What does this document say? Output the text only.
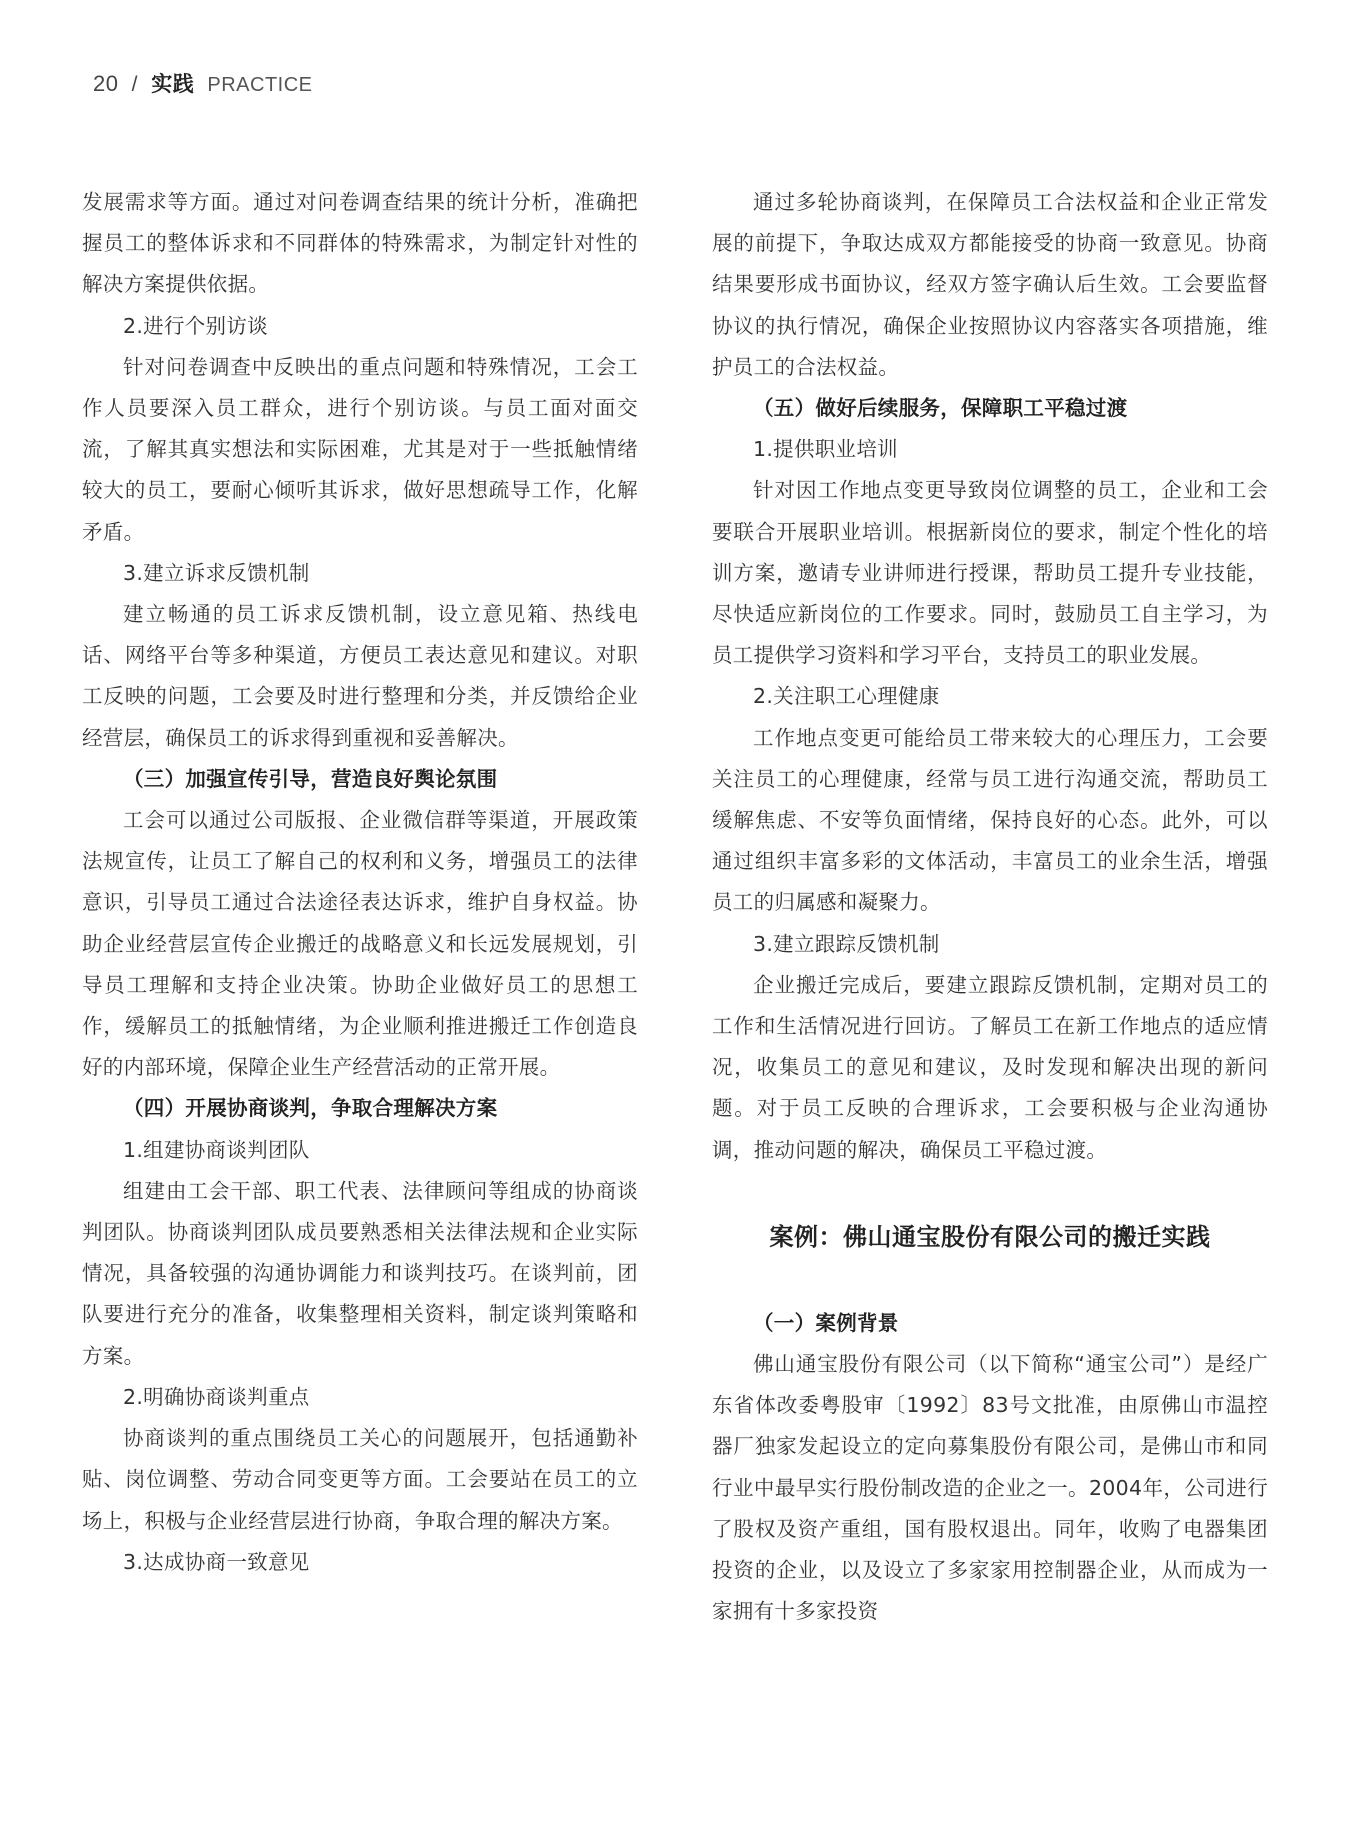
20 / 实践 PRACTICE

发展需求等方面。通过对问卷调查结果的统计分析，准确把握员工的整体诉求和不同群体的特殊需求，为制定针对性的解决方案提供依据。

2.进行个别访谈

针对问卷调查中反映出的重点问题和特殊情况，工会工作人员要深入员工群众，进行个别访谈。与员工面对面交流，了解其真实想法和实际困难，尤其是对于一些抵触情绪较大的员工，要耐心倾听其诉求，做好思想疏导工作，化解矛盾。

3.建立诉求反馈机制

建立畅通的员工诉求反馈机制，设立意见箱、热线电话、网络平台等多种渠道，方便员工表达意见和建议。对职工反映的问题，工会要及时进行整理和分类，并反馈给企业经营层，确保员工的诉求得到重视和妥善解决。

（三）加强宣传引导，营造良好舆论氛围

工会可以通过公司版报、企业微信群等渠道，开展政策法规宣传，让员工了解自己的权利和义务，增强员工的法律意识，引导员工通过合法途径表达诉求，维护自身权益。协助企业经营层宣传企业搬迁的战略意义和长远发展规划，引导员工理解和支持企业决策。协助企业做好员工的思想工作，缓解员工的抵触情绪，为企业顺利推进搬迁工作创造良好的内部环境，保障企业生产经营活动的正常开展。

（四）开展协商谈判，争取合理解决方案

1.组建协商谈判团队

组建由工会干部、职工代表、法律顾问等组成的协商谈判团队。协商谈判团队成员要熟悉相关法律法规和企业实际情况，具备较强的沟通协调能力和谈判技巧。在谈判前，团队要进行充分的准备，收集整理相关资料，制定谈判策略和方案。

2.明确协商谈判重点

协商谈判的重点围绕员工关心的问题展开，包括通勤补贴、岗位调整、劳动合同变更等方面。工会要站在员工的立场上，积极与企业经营层进行协商，争取合理的解决方案。

3.达成协商一致意见

通过多轮协商谈判，在保障员工合法权益和企业正常发展的前提下，争取达成双方都能接受的协商一致意见。协商结果要形成书面协议，经双方签字确认后生效。工会要监督协议的执行情况，确保企业按照协议内容落实各项措施，维护员工的合法权益。

（五）做好后续服务，保障职工平稳过渡

1.提供职业培训

针对因工作地点变更导致岗位调整的员工，企业和工会要联合开展职业培训。根据新岗位的要求，制定个性化的培训方案，邀请专业讲师进行授课，帮助员工提升专业技能，尽快适应新岗位的工作要求。同时，鼓励员工自主学习，为员工提供学习资料和学习平台，支持员工的职业发展。

2.关注职工心理健康

工作地点变更可能给员工带来较大的心理压力，工会要关注员工的心理健康，经常与员工进行沟通交流，帮助员工缓解焦虑、不安等负面情绪，保持良好的心态。此外，可以通过组织丰富多彩的文体活动，丰富员工的业余生活，增强员工的归属感和凝聚力。

3.建立跟踪反馈机制

企业搬迁完成后，要建立跟踪反馈机制，定期对员工的工作和生活情况进行回访。了解员工在新工作地点的适应情况，收集员工的意见和建议，及时发现和解决出现的新问题。对于员工反映的合理诉求，工会要积极与企业沟通协调，推动问题的解决，确保员工平稳过渡。

案例：佛山通宝股份有限公司的搬迁实践

（一）案例背景

佛山通宝股份有限公司（以下简称“通宝公司”）是经广东省体改委粤股审〔1992〕83号文批准，由原佛山市温控器厂独家发起设立的定向募集股份有限公司，是佛山市和同行业中最早实行股份制改造的企业之一。2004年，公司进行了股权及资产重组，国有股权退出。同年，收购了电器集团投资的企业，以及设立了多家家用控制器企业，从而成为一家拥有十多家投资
